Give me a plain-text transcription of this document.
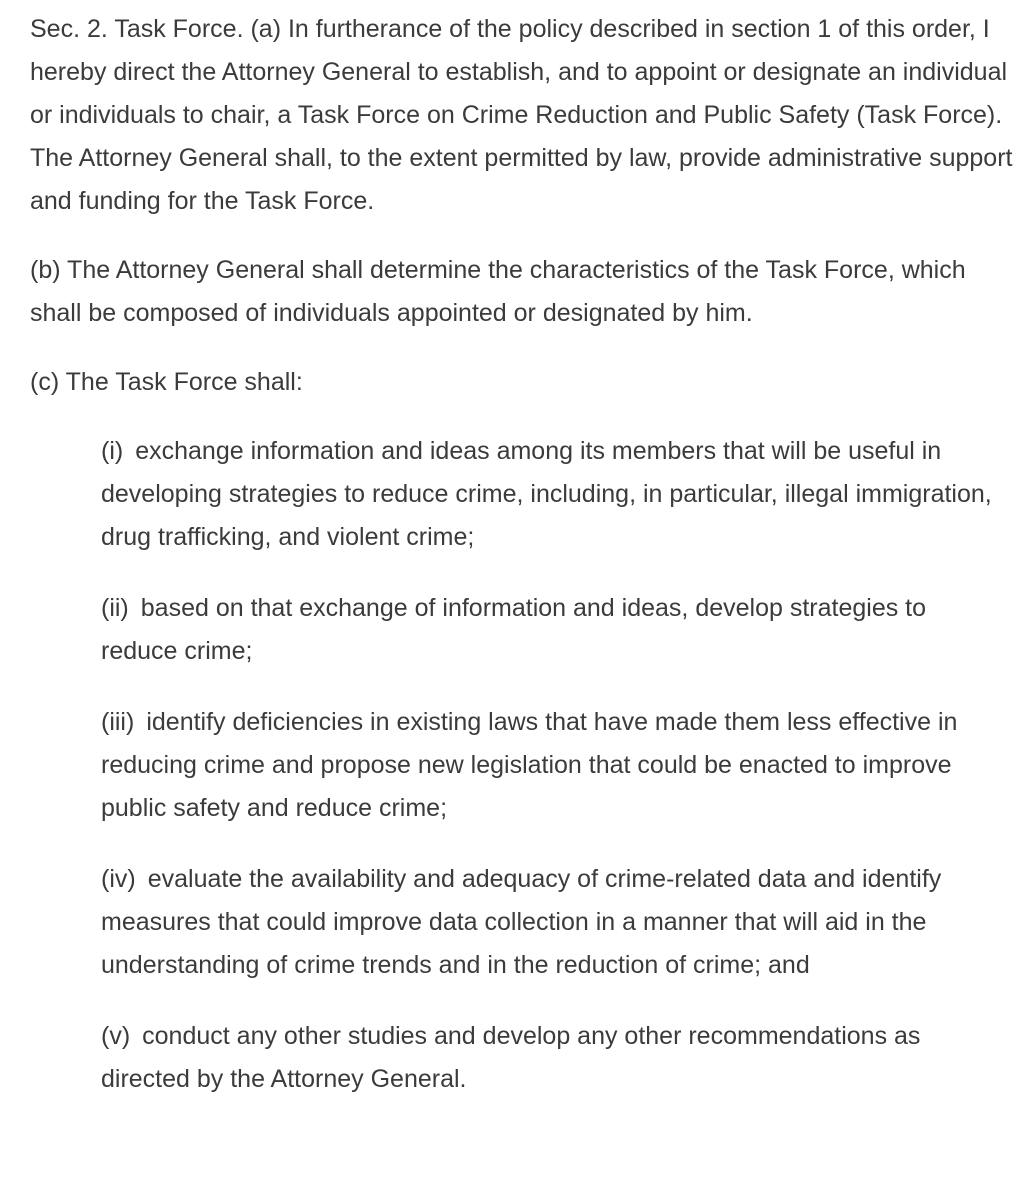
Sec. 2. Task Force. (a) In furtherance of the policy described in section 1 of this order, I hereby direct the Attorney General to establish, and to appoint or designate an individual or individuals to chair, a Task Force on Crime Reduction and Public Safety (Task Force). The Attorney General shall, to the extent permitted by law, provide administrative support and funding for the Task Force.

(b) The Attorney General shall determine the characteristics of the Task Force, which shall be composed of individuals appointed or designated by him.

(c) The Task Force shall:

(i) exchange information and ideas among its members that will be useful in developing strategies to reduce crime, including, in particular, illegal immigration, drug trafficking, and violent crime;

(ii) based on that exchange of information and ideas, develop strategies to reduce crime;

(iii) identify deficiencies in existing laws that have made them less effective in reducing crime and propose new legislation that could be enacted to improve public safety and reduce crime;

(iv) evaluate the availability and adequacy of crime-related data and identify measures that could improve data collection in a manner that will aid in the understanding of crime trends and in the reduction of crime; and

(v) conduct any other studies and develop any other recommendations as directed by the Attorney General.
